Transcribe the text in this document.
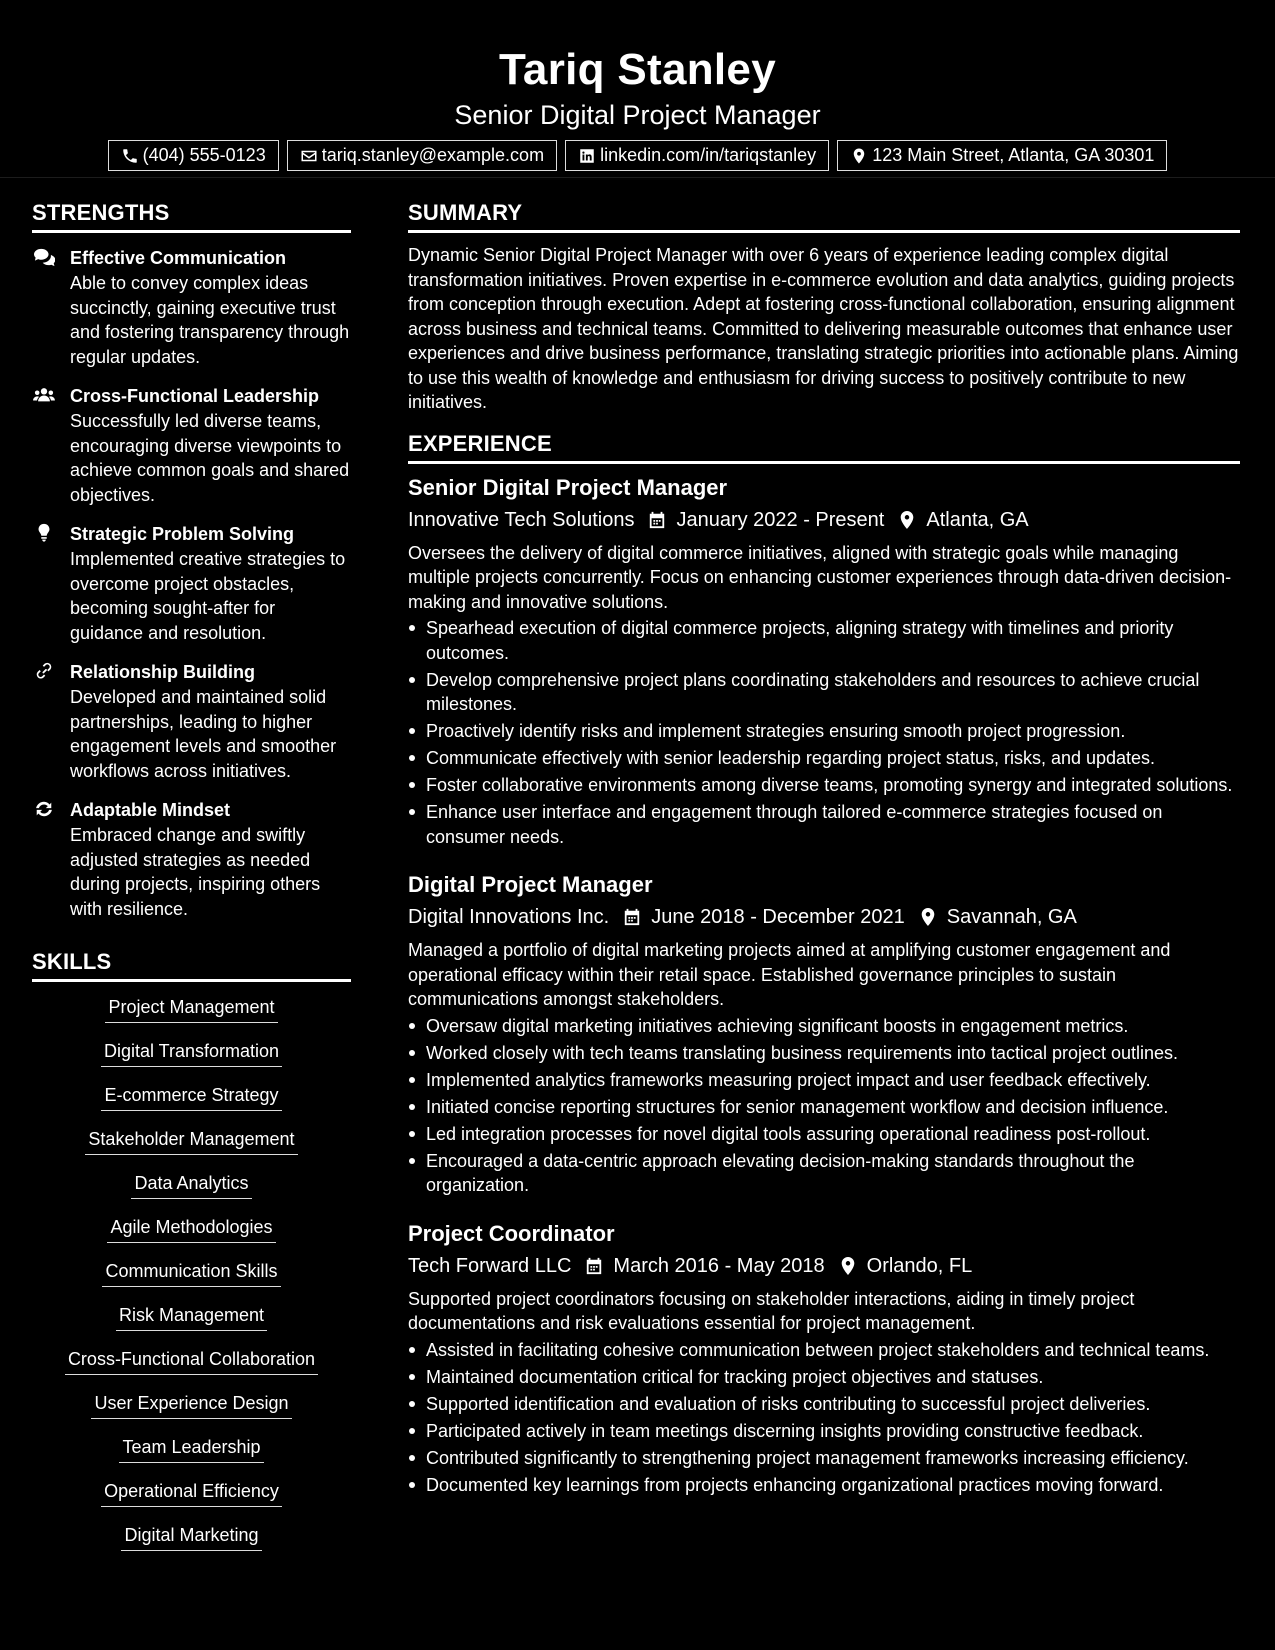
Tariq Stanley
Senior Digital Project Manager
(404) 555-0123	tariq.stanley@example.com	linkedin.com/in/tariqstanley	123 Main Street, Atlanta, GA 30301
STRENGTHS
Effective Communication
Able to convey complex ideas succinctly, gaining executive trust and fostering transparency through regular updates.
Cross-Functional Leadership
Successfully led diverse teams, encouraging diverse viewpoints to achieve common goals and shared objectives.
Strategic Problem Solving
Implemented creative strategies to overcome project obstacles, becoming sought-after for guidance and resolution.
Relationship Building
Developed and maintained solid partnerships, leading to higher engagement levels and smoother workflows across initiatives.
Adaptable Mindset
Embraced change and swiftly adjusted strategies as needed during projects, inspiring others with resilience.
SKILLS
Project Management
Digital Transformation
E-commerce Strategy
Stakeholder Management
Data Analytics
Agile Methodologies
Communication Skills
Risk Management
Cross-Functional Collaboration
User Experience Design
Team Leadership
Operational Efficiency
Digital Marketing
SUMMARY

Dynamic Senior Digital Project Manager with over 6 years of experience leading complex digital transformation initiatives. Proven expertise in e-commerce evolution and data analytics, guiding projects from conception through execution. Adept at fostering cross-functional collaboration, ensuring alignment across business and technical teams. Committed to delivering measurable outcomes that enhance user experiences and drive business performance, translating strategic priorities into actionable plans. Aiming to use this wealth of knowledge and enthusiasm for driving success to positively contribute to new initiatives.

EXPERIENCE
Senior Digital Project Manager
Innovative Tech Solutions January 2022 - Present Atlanta, GA

Oversees the delivery of digital commerce initiatives, aligned with strategic goals while managing multiple projects concurrently. Focus on enhancing customer experiences through data-driven decision-making and innovative solutions.

Spearhead execution of digital commerce projects, aligning strategy with timelines and priority outcomes.
Develop comprehensive project plans coordinating stakeholders and resources to achieve crucial milestones.
Proactively identify risks and implement strategies ensuring smooth project progression.
Communicate effectively with senior leadership regarding project status, risks, and updates.
Foster collaborative environments among diverse teams, promoting synergy and integrated solutions.
Enhance user interface and engagement through tailored e-commerce strategies focused on consumer needs.
Digital Project Manager
Digital Innovations Inc. June 2018 - December 2021 Savannah, GA

Managed a portfolio of digital marketing projects aimed at amplifying customer engagement and operational efficacy within their retail space. Established governance principles to sustain communications amongst stakeholders.

Oversaw digital marketing initiatives achieving significant boosts in engagement metrics.
Worked closely with tech teams translating business requirements into tactical project outlines.
Implemented analytics frameworks measuring project impact and user feedback effectively.
Initiated concise reporting structures for senior management workflow and decision influence.
Led integration processes for novel digital tools assuring operational readiness post-rollout.
Encouraged a data-centric approach elevating decision-making standards throughout the organization.
Project Coordinator
Tech Forward LLC March 2016 - May 2018 Orlando, FL

Supported project coordinators focusing on stakeholder interactions, aiding in timely project documentations and risk evaluations essential for project management.

Assisted in facilitating cohesive communication between project stakeholders and technical teams.
Maintained documentation critical for tracking project objectives and statuses.
Supported identification and evaluation of risks contributing to successful project deliveries.
Participated actively in team meetings discerning insights providing constructive feedback.
Contributed significantly to strengthening project management frameworks increasing efficiency.
Documented key learnings from projects enhancing organizational practices moving forward.
